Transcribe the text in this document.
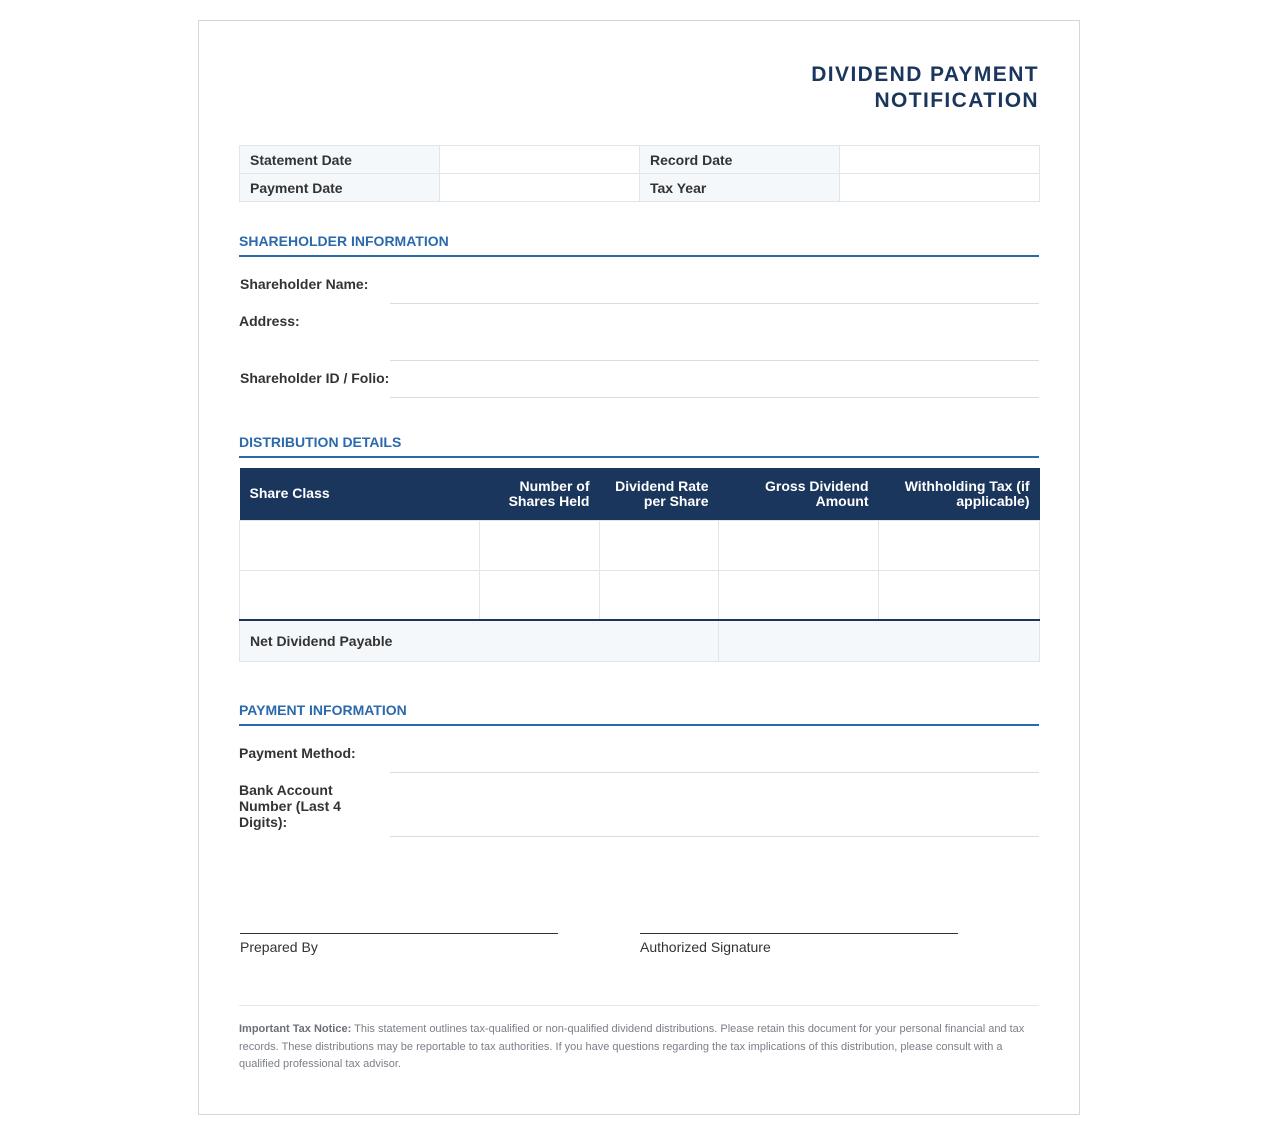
DIVIDEND PAYMENT
NOTIFICATION
Statement Date		Record Date	
Payment Date		Tax Year	
SHAREHOLDER INFORMATION
Shareholder Name:
Address:
Shareholder ID / Folio:
DISTRIBUTION DETAILS
Share Class	Number of Shares Held	Dividend Rate per Share	Gross Dividend Amount	Withholding Tax (if applicable)

Net Dividend Payable				
PAYMENT INFORMATION
Payment Method:
Bank Account Number (Last 4 Digits):
Prepared By	Authorized Signature
Important Tax Notice: This statement outlines tax-qualified or non-qualified dividend distributions. Please retain this document for your personal financial and tax records. These distributions may be reportable to tax authorities. If you have questions regarding the tax implications of this distribution, please consult with a qualified professional tax advisor.
